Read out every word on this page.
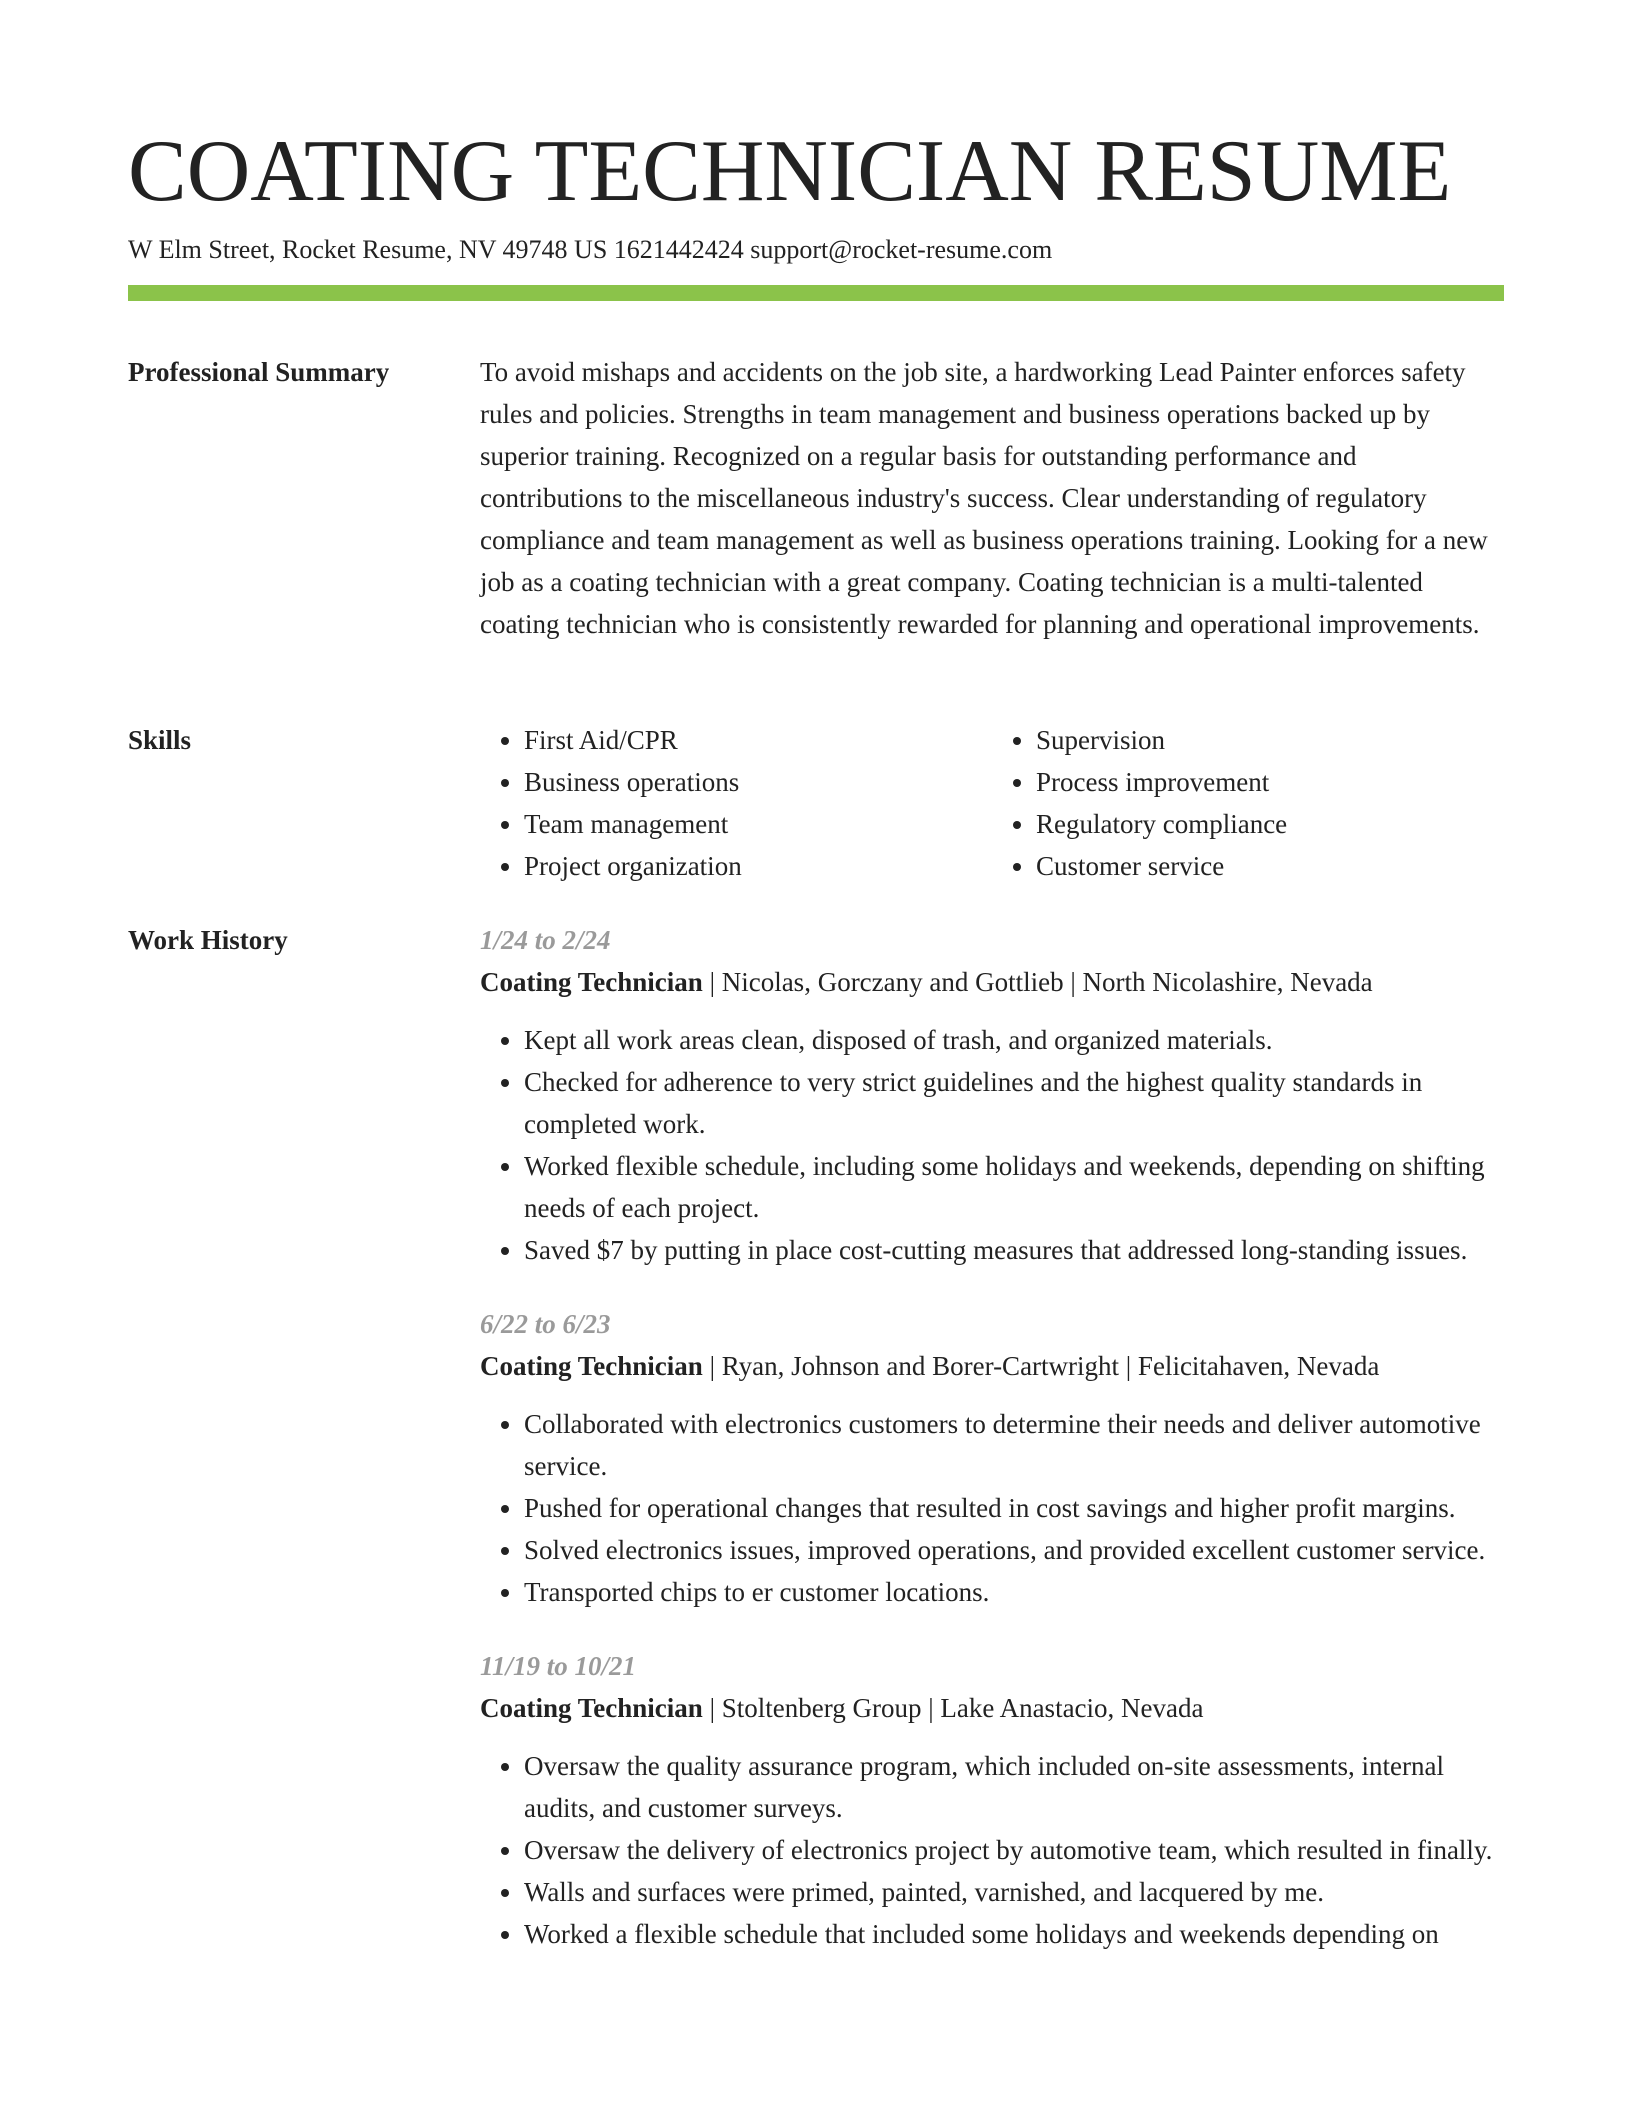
COATING TECHNICIAN RESUME
W Elm Street, Rocket Resume, NV 49748 US 1621442424 support@rocket-resume.com
Professional Summary	To avoid mishaps and accidents on the job site, a hardworking Lead Painter enforces safety rules and policies. Strengths in team management and business operations backed up by superior training. Recognized on a regular basis for outstanding performance and contributions to the miscellaneous industry's success. Clear understanding of regulatory compliance and team management as well as business operations training. Looking for a new job as a coating technician with a great company. Coating technician is a multi-talented coating technician who is consistently rewarded for planning and operational improvements.

Skills
•	First Aid/CPR
• Business operations
• Team management
• Project organization
• Supervision
• Process improvement
• Regulatory compliance
• Customer service
Work History	1/24 to 2/24

Coating Technician | Nicolas, Gorczany and Gottlieb | North Nicolashire, Nevada

• Kept all work areas clean, disposed of trash, and organized materials.
• Checked for adherence to very strict guidelines and the highest quality standards in completed work.
• Worked flexible schedule, including some holidays and weekends, depending on shifting needs of each project.
• Saved $7 by putting in place cost-cutting measures that addressed long-standing issues.

6/22 to 6/23

Coating Technician | Ryan, Johnson and Borer-Cartwright | Felicitahaven, Nevada

• Collaborated with electronics customers to determine their needs and deliver automotive service.
• Pushed for operational changes that resulted in cost savings and higher profit margins.
• Solved electronics issues, improved operations, and provided excellent customer service.
• Transported chips to er customer locations.

11/19 to 10/21

Coating Technician | Stoltenberg Group | Lake Anastacio, Nevada

• Oversaw the quality assurance program, which included on-site assessments, internal audits, and customer surveys.
• Oversaw the delivery of electronics project by automotive team, which resulted in finally.
• Walls and surfaces were primed, painted, varnished, and lacquered by me.
• Worked a flexible schedule that included some holidays and weekends depending on
